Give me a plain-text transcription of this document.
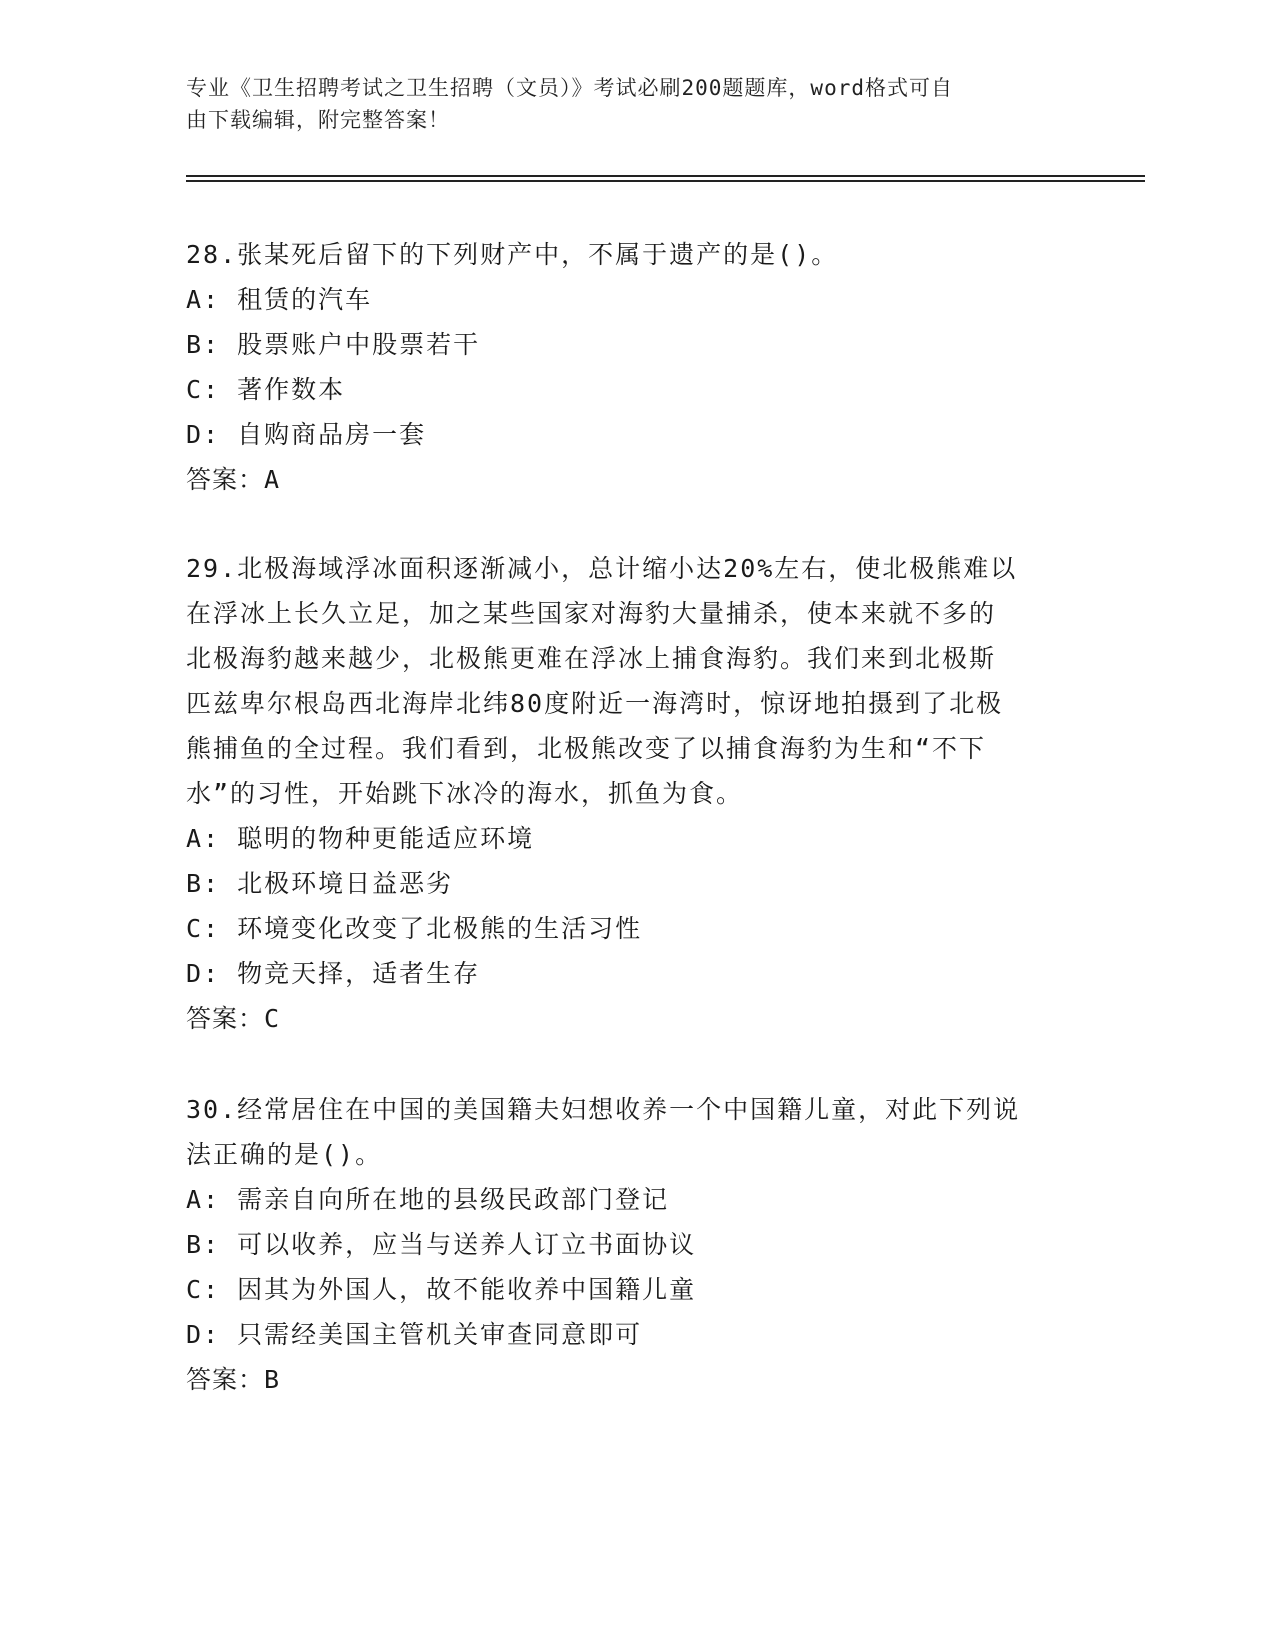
专业《卫生招聘考试之卫生招聘（文员）》考试必刷200题题库，word格式可自
由下载编辑，附完整答案！

28.张某死后留下的下列财产中，不属于遗产的是()。

A: 租赁的汽车

B: 股票账户中股票若干

C: 著作数本

D: 自购商品房一套

答案：A

29.北极海域浮冰面积逐渐减小，总计缩小达20%左右，使北极熊难以

在浮冰上长久立足，加之某些国家对海豹大量捕杀，使本来就不多的

北极海豹越来越少，北极熊更难在浮冰上捕食海豹。我们来到北极斯

匹兹卑尔根岛西北海岸北纬80度附近一海湾时，惊讶地拍摄到了北极

熊捕鱼的全过程。我们看到，北极熊改变了以捕食海豹为生和“不下

水”的习性，开始跳下冰冷的海水，抓鱼为食。

A: 聪明的物种更能适应环境

B: 北极环境日益恶劣

C: 环境变化改变了北极熊的生活习性

D: 物竞天择，适者生存

答案：C

30.经常居住在中国的美国籍夫妇想收养一个中国籍儿童，对此下列说

法正确的是()。

A: 需亲自向所在地的县级民政部门登记

B: 可以收养，应当与送养人订立书面协议

C: 因其为外国人，故不能收养中国籍儿童

D: 只需经美国主管机关审查同意即可

答案：B
